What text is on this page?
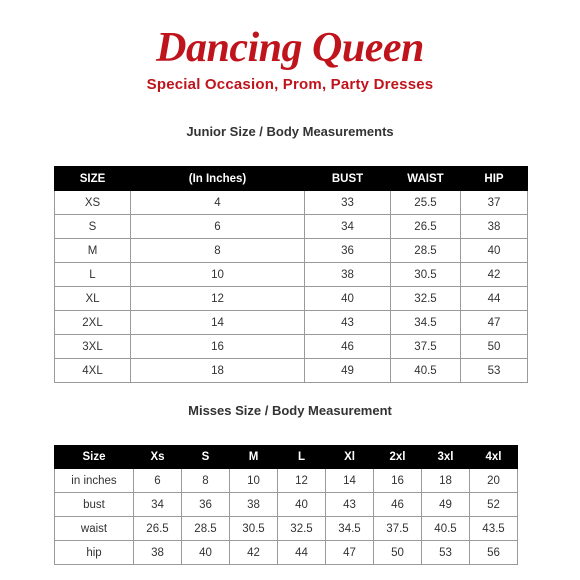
Dancing Queen
Special Occasion, Prom, Party Dresses
Junior Size / Body Measurements
SIZE	(In Inches)	BUST	WAIST	HIP
XS	4	33	25.5	37
S	6	34	26.5	38
M	8	36	28.5	40
L	10	38	30.5	42
XL	12	40	32.5	44
2XL	14	43	34.5	47
3XL	16	46	37.5	50
4XL	18	49	40.5	53
Misses Size / Body Measurement
Size	Xs	S	M	L	Xl	2xl	3xl	4xl
in inches	6	8	10	12	14	16	18	20
bust	34	36	38	40	43	46	49	52
waist	26.5	28.5	30.5	32.5	34.5	37.5	40.5	43.5
hip	38	40	42	44	47	50	53	56
